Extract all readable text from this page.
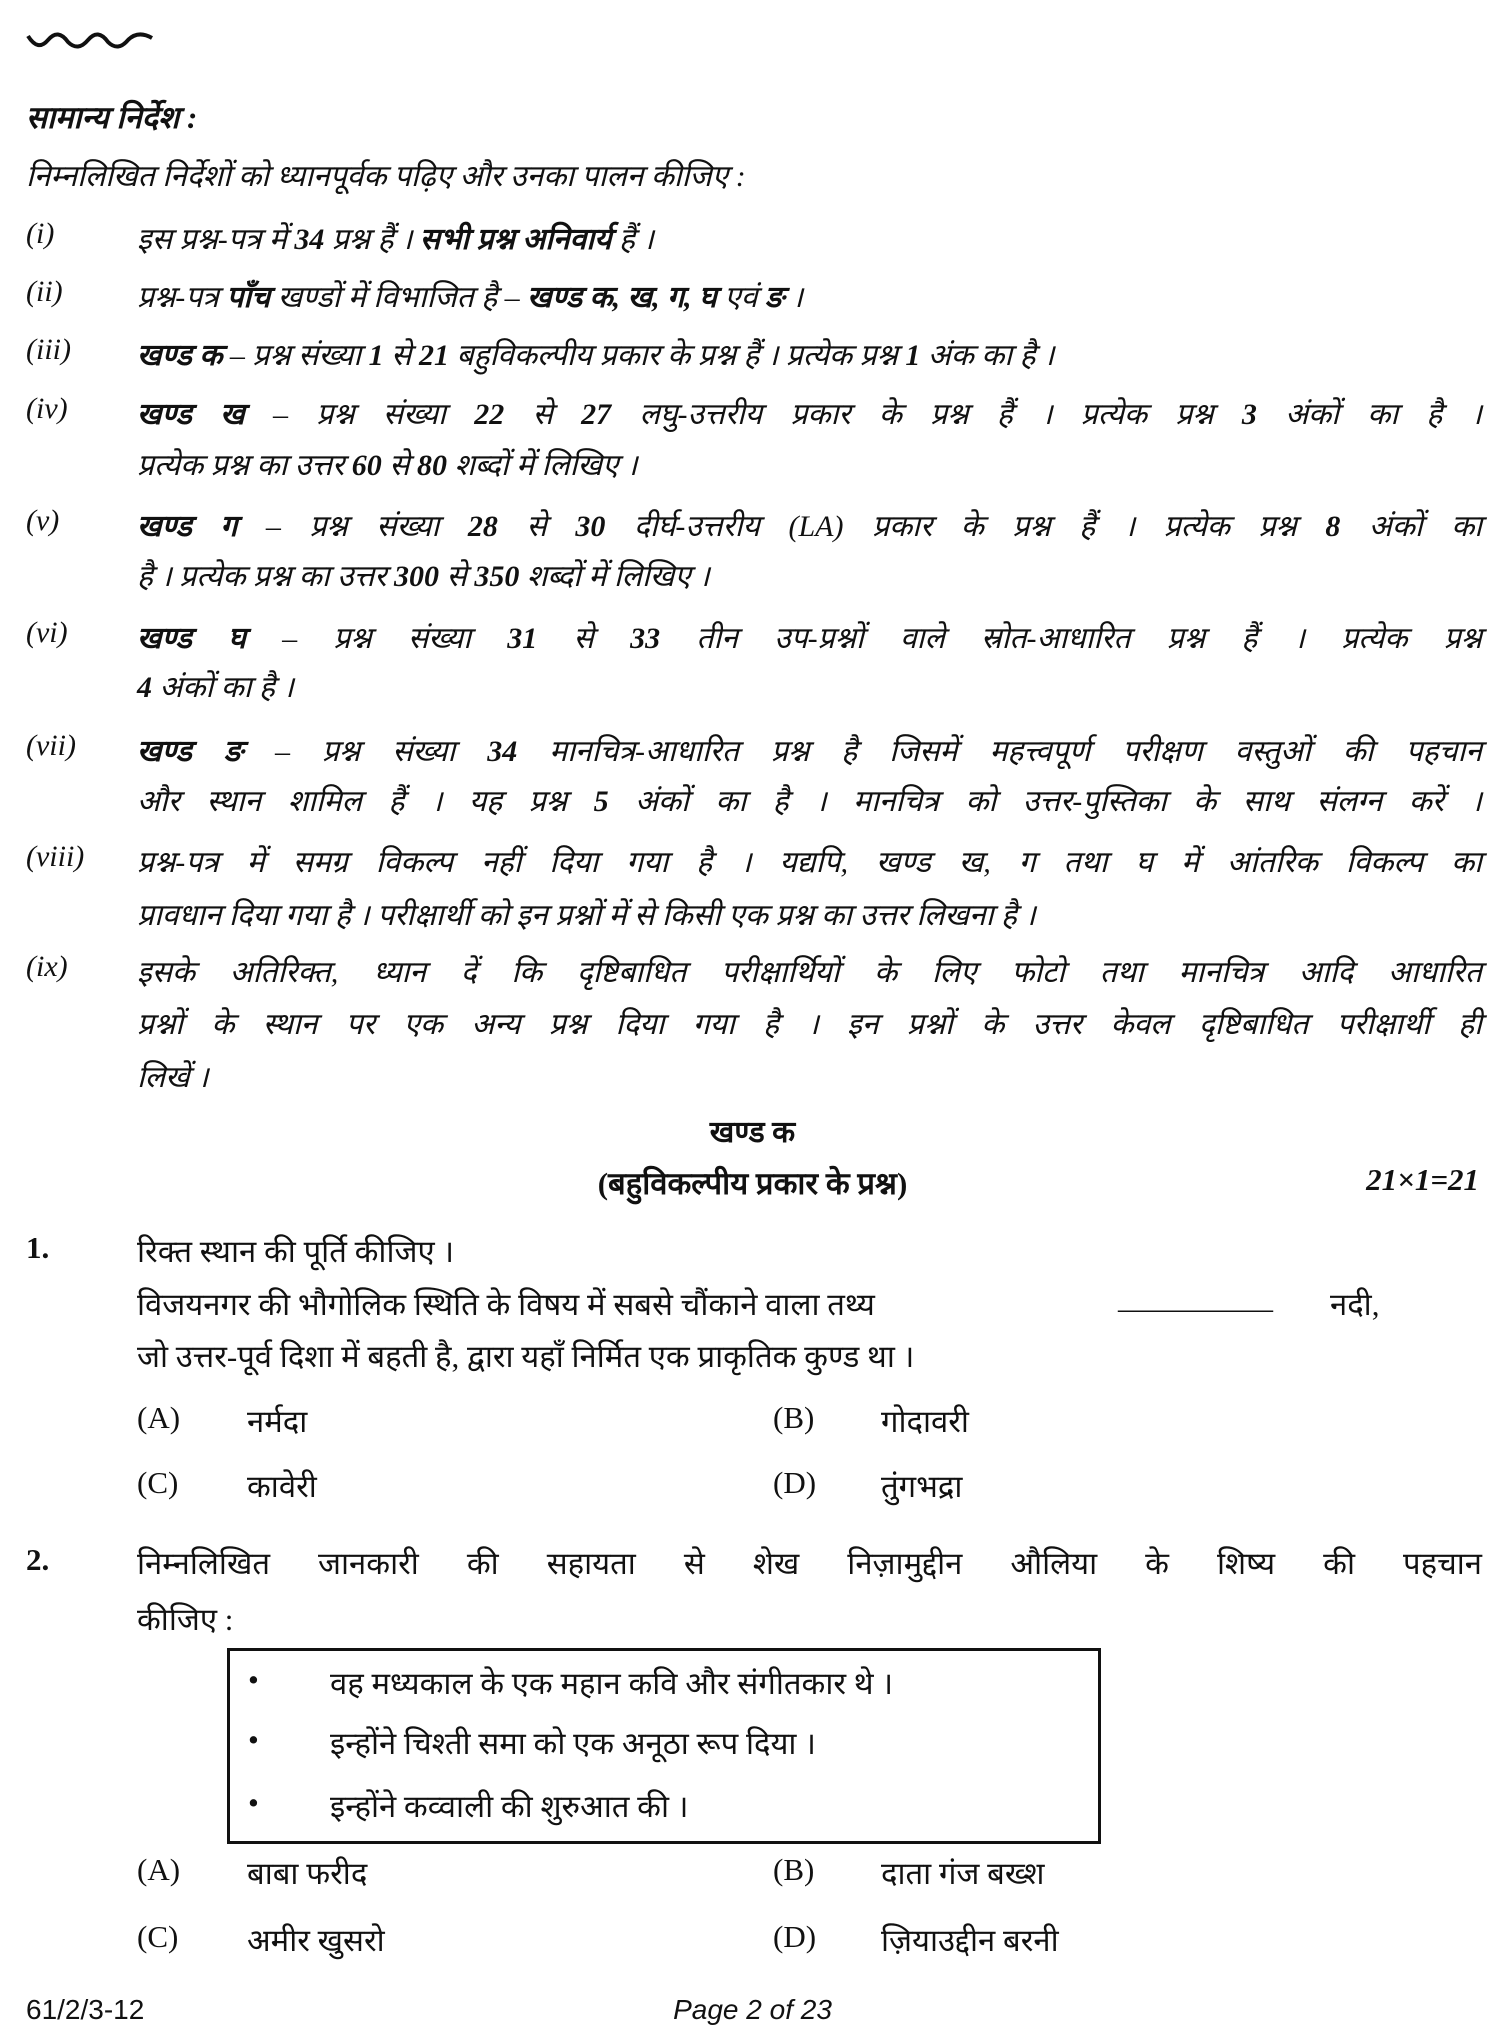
सामान्य निर्देश :
निम्नलिखित निर्देशों को ध्यानपूर्वक पढ़िए और उनका पालन कीजिए :
(i)	इस प्रश्न-पत्र में 34 प्रश्न हैं । सभी प्रश्न अनिवार्य हैं ।
(ii) प्रश्न-पत्र पाँच खण्डों में विभाजित है – खण्ड क, ख, ग, घ एवं ङ ।
(iii) खण्ड क – प्रश्न संख्या 1 से 21 बहुविकल्पीय प्रकार के प्रश्न हैं । प्रत्येक प्रश्न 1 अंक का है ।
(iv) खण्ड ख – प्रश्न संख्या 22 से 27 लघु-उत्तरीय प्रकार के प्रश्न हैं । प्रत्येक प्रश्न 3 अंकों का है ।
प्रत्येक प्रश्न का उत्तर 60 से 80 शब्दों में लिखिए ।
(v)	खण्ड ग – प्रश्न संख्या 28 से 30 दीर्घ-उत्तरीय (LA) प्रकार के प्रश्न हैं । प्रत्येक प्रश्न 8 अंकों का
है । प्रत्येक प्रश्न का उत्तर 300 से 350 शब्दों में लिखिए ।
(vi) खण्ड घ – प्रश्न संख्या 31 से 33 तीन उप-प्रश्नों वाले स्रोत-आधारित प्रश्न हैं । प्रत्येक प्रश्न
4 अंकों का है ।
(vii) खण्ड ङ – प्रश्न संख्या 34 मानचित्र-आधारित प्रश्न है जिसमें महत्त्वपूर्ण परीक्षण वस्तुओं की पहचान
और स्थान शामिल हैं । यह प्रश्न 5 अंकों का है । मानचित्र को उत्तर-पुस्तिका के साथ संलग्न करें ।
(viii) प्रश्न-पत्र में समग्र विकल्प नहीं दिया गया है । यद्यपि, खण्ड ख, ग तथा घ में आंतरिक विकल्प का
प्रावधान दिया गया है । परीक्षार्थी को इन प्रश्नों में से किसी एक प्रश्न का उत्तर लिखना है ।
(ix) इसके अतिरिक्त, ध्यान दें कि दृष्टिबाधित परीक्षार्थियों के लिए फोटो तथा मानचित्र आदि आधारित
प्रश्नों के स्थान पर एक अन्य प्रश्न दिया गया है । इन प्रश्नों के उत्तर केवल दृष्टिबाधित परीक्षार्थी ही
लिखें ।
खण्ड क
(बहुविकल्पीय प्रकार के प्रश्न)	21×1=21
1.	रिक्त स्थान की पूर्ति कीजिए ।
विजयनगर की भौगोलिक स्थिति के विषय में सबसे चौंकाने वाला तथ्य	__________ नदी,
जो उत्तर-पूर्व दिशा में बहती है, द्वारा यहाँ निर्मित एक प्राकृतिक कुण्ड था ।
(A) नर्मदा	(B) गोदावरी
(C) कावेरी	(D) तुंगभद्रा
2.	निम्नलिखित जानकारी की सहायता से शेख निज़ामुद्दीन औलिया के शिष्य की पहचान
कीजिए :
• वह मध्यकाल के एक महान कवि और संगीतकार थे ।
• इन्होंने चिश्ती समा को एक अनूठा रूप दिया ।
• इन्होंने कव्वाली की शुरुआत की ।
(A) बाबा फरीद	(B) दाता गंज बख्श
(C) अमीर खुसरो	(D) ज़ियाउद्दीन बरनी
61/2/3-12	Page 2 of 23
